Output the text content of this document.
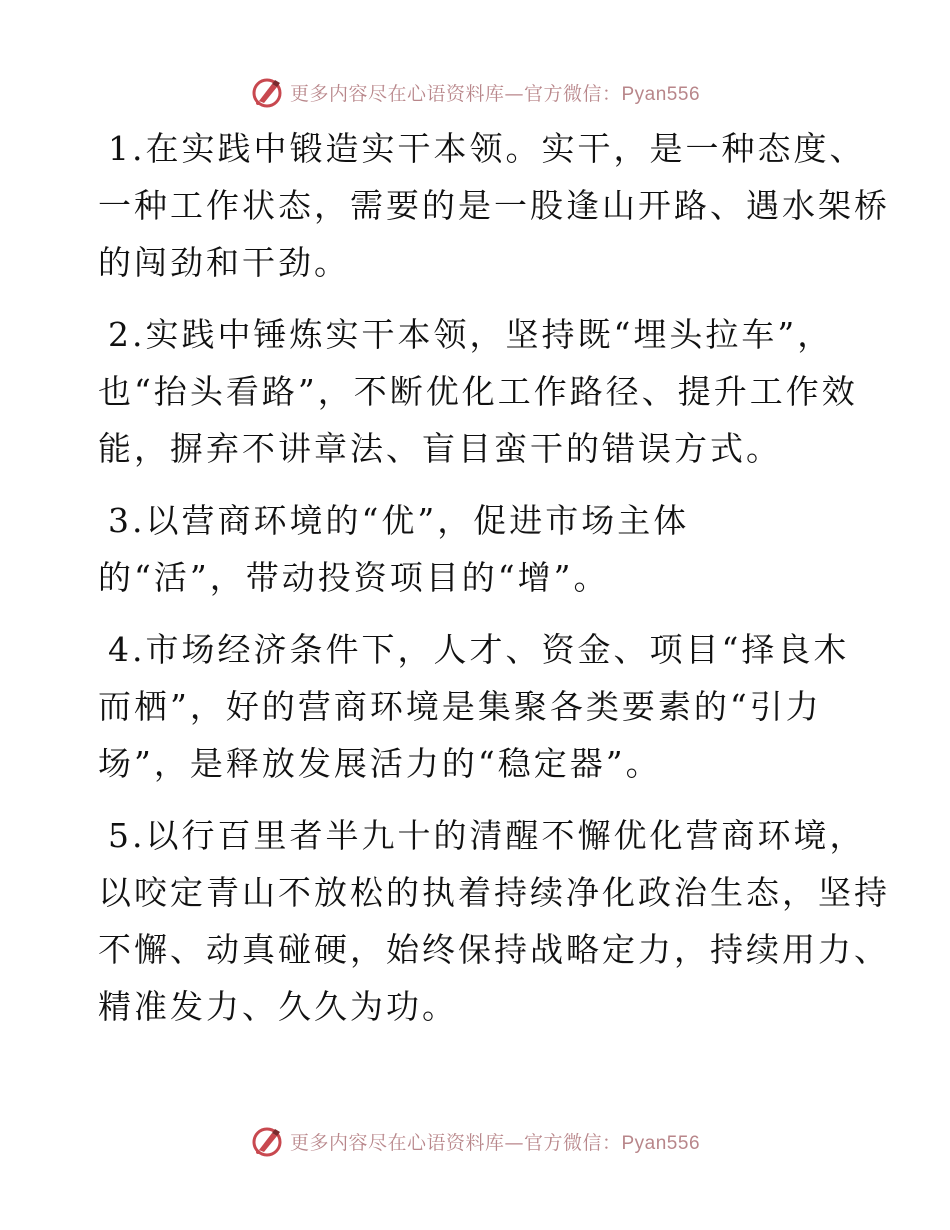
更多内容尽在心语资料库—官方微信：Pyan556

1.在实践中锻造实干本领。实干，是一种态度、
一种工作状态，需要的是一股逢山开路、遇水架桥
的闯劲和干劲。

2.实践中锤炼实干本领，坚持既“埋头拉车”，
也“抬头看路”，不断优化工作路径、提升工作效
能，摒弃不讲章法、盲目蛮干的错误方式。

3.以营商环境的“优”，促进市场主体
的“活”，带动投资项目的“增”。

4.市场经济条件下，人才、资金、项目“择良木
而栖”，好的营商环境是集聚各类要素的“引力
场”，是释放发展活力的“稳定器”。

5.以行百里者半九十的清醒不懈优化营商环境，
以咬定青山不放松的执着持续净化政治生态，坚持
不懈、动真碰硬，始终保持战略定力，持续用力、
精准发力、久久为功。

更多内容尽在心语资料库—官方微信：Pyan556
